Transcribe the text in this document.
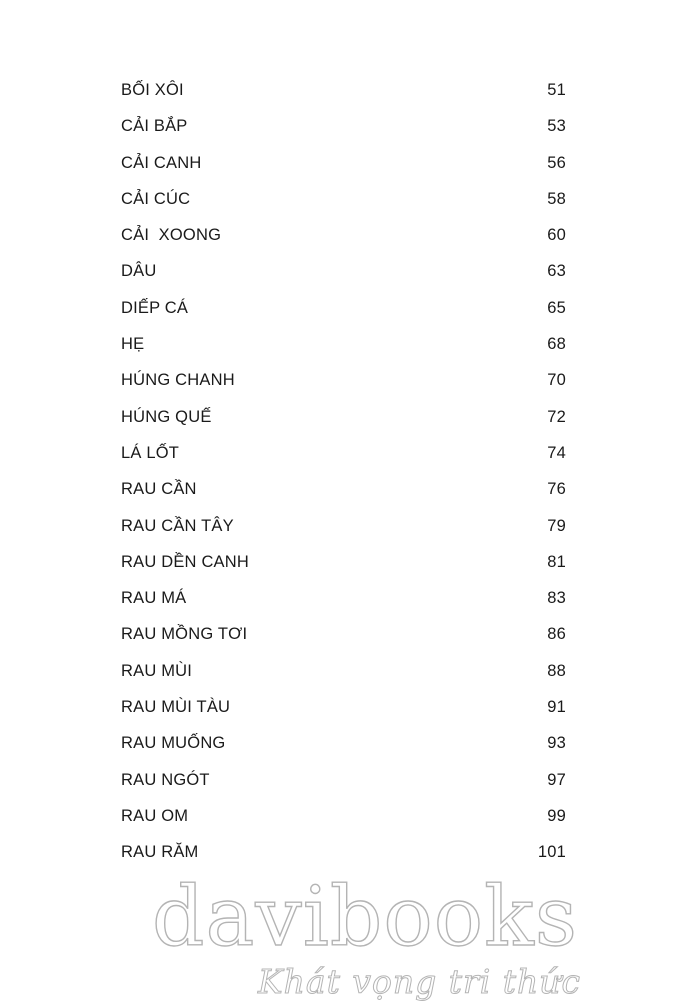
BỐI XÔI	51
CẢI BẮP	53
CẢI CANH	56
CẢI CÚC	58
CẢI  XOONG	60
DÂU	63
DIẾP CÁ	65
HẸ	68
HÚNG CHANH	70
HÚNG QUẾ	72
LÁ LỐT	74
RAU CẦN	76
RAU CẦN TÂY	79
RAU DỀN CANH	81
RAU MÁ	83
RAU MỒNG TƠI	86
RAU MÙI	88
RAU MÙI TÀU	91
RAU MUỐNG	93
RAU NGÓT	97
RAU OM	99
RAU RĂM	101
davibooks
Khát vọng tri thức
